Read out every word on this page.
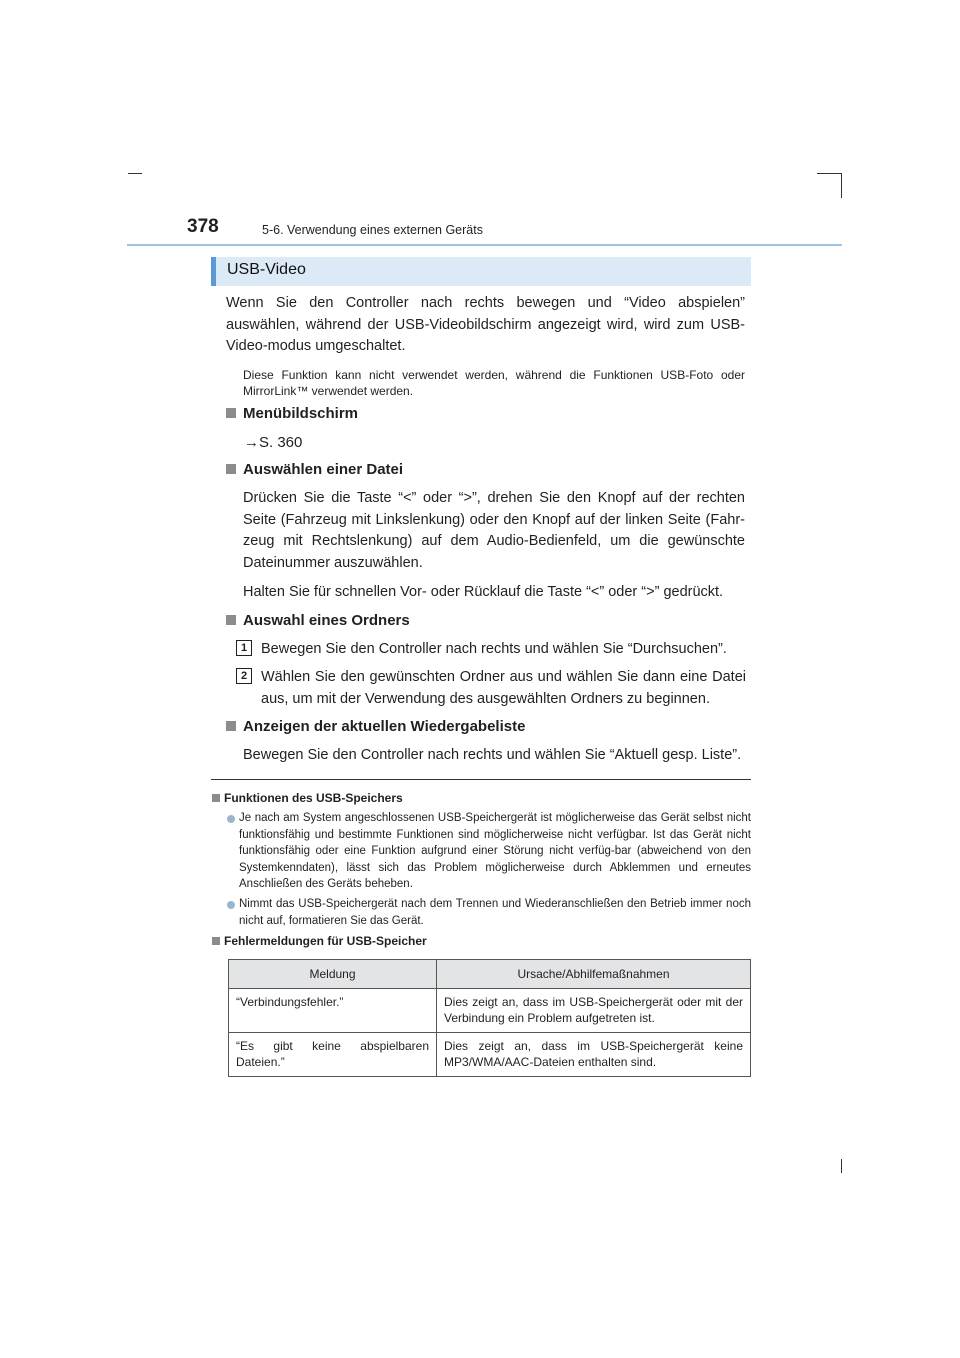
378	5-6. Verwendung eines externen Geräts
USB-Video
Wenn Sie den Controller nach rechts bewegen und “Video abspielen” auswählen, während der USB-Videobildschirm angezeigt wird, wird zum USB-Video-modus umgeschaltet.
Diese Funktion kann nicht verwendet werden, während die Funktionen USB-Foto oder MirrorLink™ verwendet werden.
Menübildschirm
→S. 360
Auswählen einer Datei
Drücken Sie die Taste “<” oder “>”, drehen Sie den Knopf auf der rechten Seite (Fahrzeug mit Linkslenkung) oder den Knopf auf der linken Seite (Fahr-zeug mit Rechtslenkung) auf dem Audio-Bedienfeld, um die gewünschte Dateinummer auszuwählen.
Halten Sie für schnellen Vor- oder Rücklauf die Taste “<” oder “>” gedrückt.
Auswahl eines Ordners
1 Bewegen Sie den Controller nach rechts und wählen Sie “Durchsuchen”.
2 Wählen Sie den gewünschten Ordner aus und wählen Sie dann eine Datei aus, um mit der Verwendung des ausgewählten Ordners zu beginnen.
Anzeigen der aktuellen Wiedergabeliste
Bewegen Sie den Controller nach rechts und wählen Sie “Aktuell gesp. Liste”.
Funktionen des USB-Speichers
Je nach am System angeschlossenen USB-Speichergerät ist möglicherweise das Gerät selbst nicht funktionsfähig und bestimmte Funktionen sind möglicherweise nicht verfügbar. Ist das Gerät nicht funktionsfähig oder eine Funktion aufgrund einer Störung nicht verfüg-bar (abweichend von den Systemkenndaten), lässt sich das Problem möglicherweise durch Abklemmen und erneutes Anschließen des Geräts beheben.
Nimmt das USB-Speichergerät nach dem Trennen und Wiederanschließen den Betrieb immer noch nicht auf, formatieren Sie das Gerät.
Fehlermeldungen für USB-Speicher
Meldung	Ursache/Abhilfemaßnahmen
“Verbindungsfehler.”	Dies zeigt an, dass im USB-Speichergerät oder mit der Verbindung ein Problem aufgetreten ist.
“Es gibt keine abspielbaren Dateien.”	Dies zeigt an, dass im USB-Speichergerät keine MP3/WMA/AAC-Dateien enthalten sind.
